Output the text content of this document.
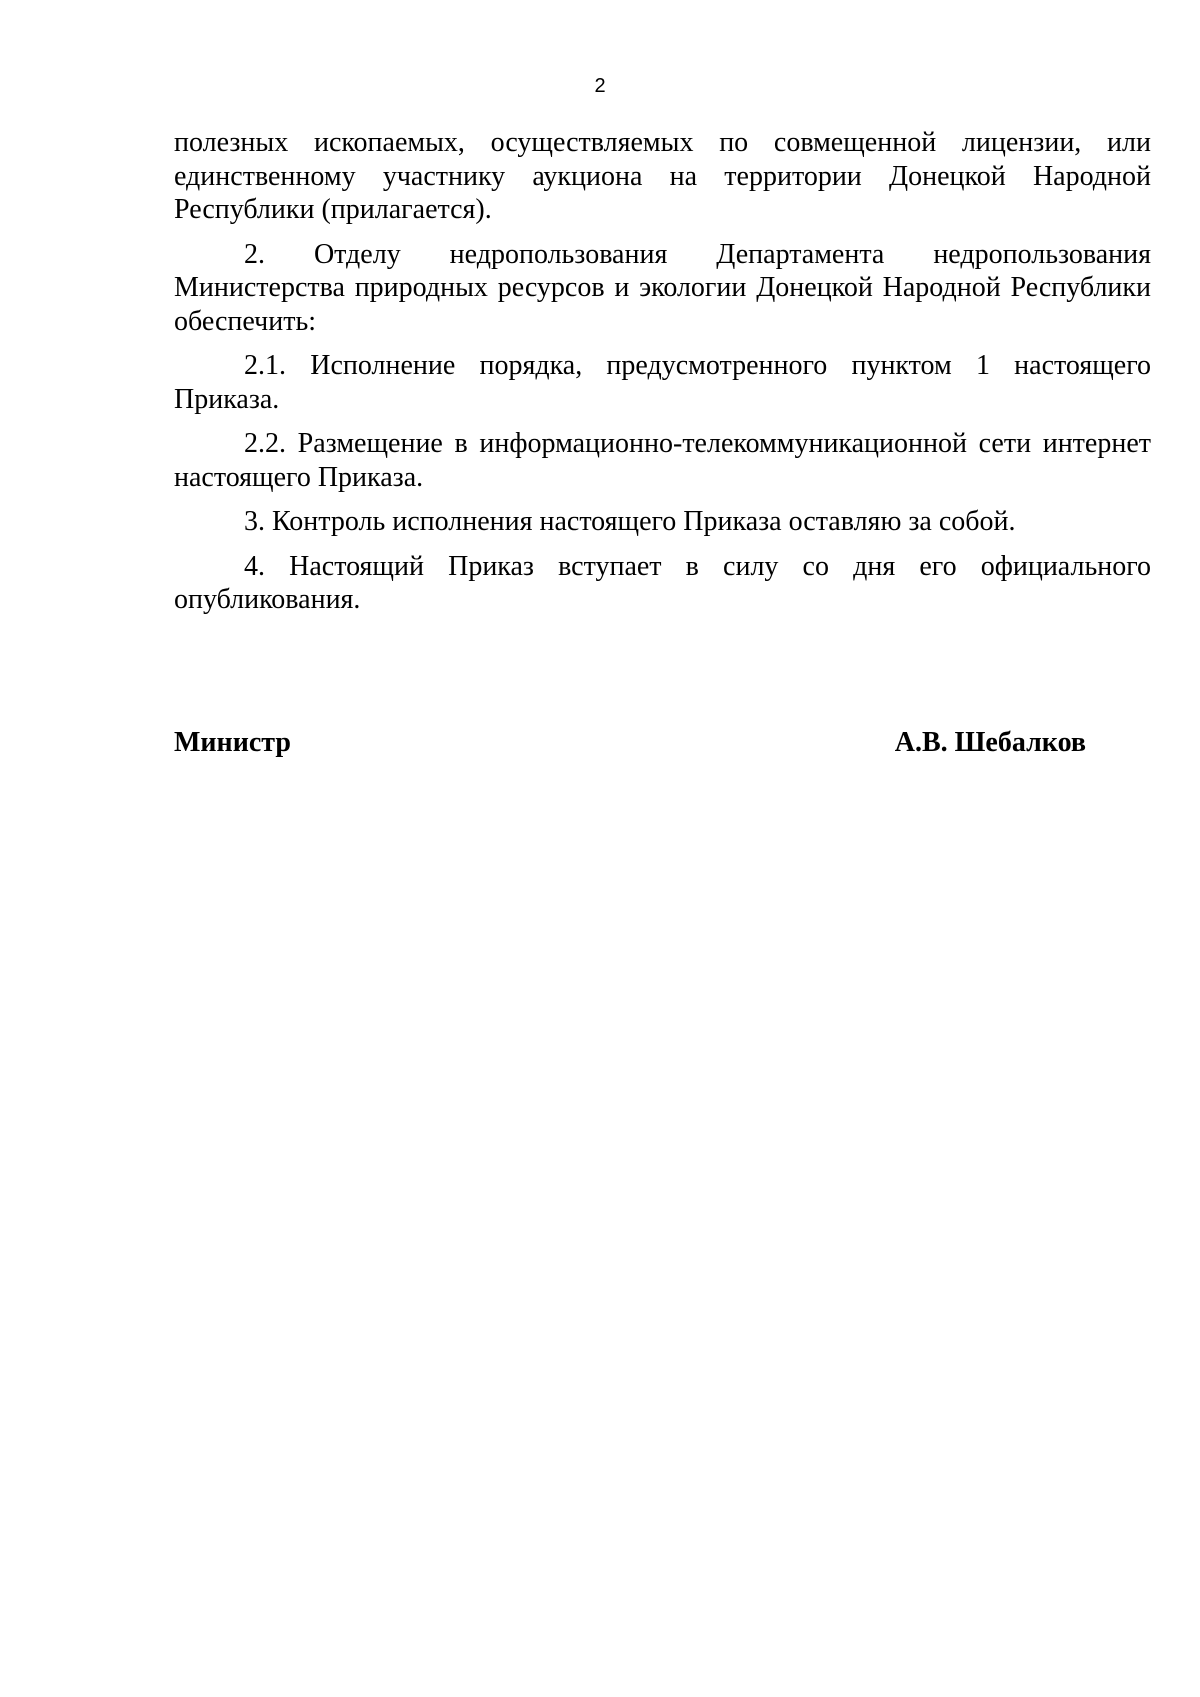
2

полезных ископаемых, осуществляемых по совмещенной лицензии, или единственному участнику аукциона на территории Донецкой Народной Республики (прилагается).

2. Отделу недропользования Департамента недропользования Министерства природных ресурсов и экологии Донецкой Народной Республики обеспечить:

2.1. Исполнение порядка, предусмотренного пунктом 1 настоящего Приказа.

2.2. Размещение в информационно-телекоммуникационной сети интернет настоящего Приказа.

3. Контроль исполнения настоящего Приказа оставляю за собой.

4. Настоящий Приказ вступает в силу со дня его официального опубликования.

Министр	А.В. Шебалков
